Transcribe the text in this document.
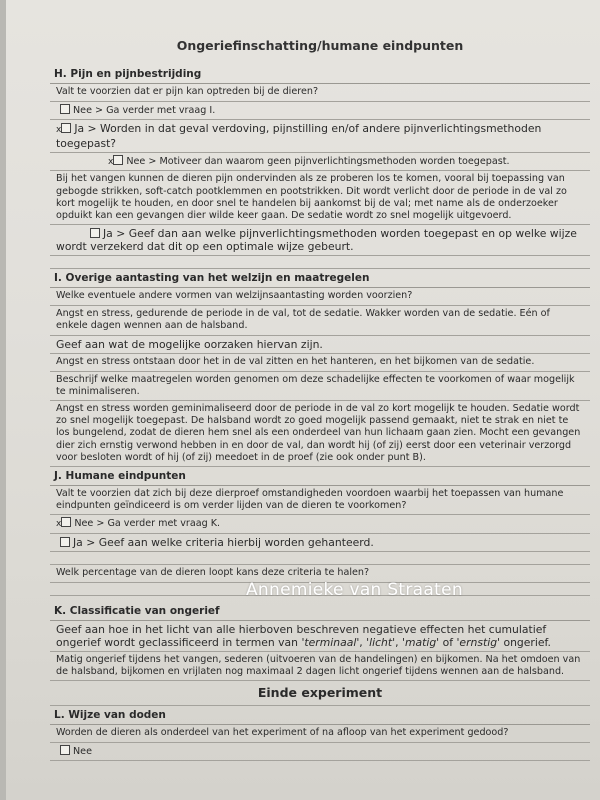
Ongeriefinschatting/humane eindpunten
H. Pijn en pijnbestrijding
Valt te voorzien dat er pijn kan optreden bij de dieren?
Nee > Ga verder met vraag I.
x Ja > Worden in dat geval verdoving, pijnstilling en/of andere pijnverlichtingsmethoden toegepast?
x Nee > Motiveer dan waarom geen pijnverlichtingsmethoden worden toegepast.
Bij het vangen kunnen de dieren pijn ondervinden als ze proberen los te komen, vooral bij toepassing van gebogde strikken, soft-catch pootklemmen en pootstrikken. Dit wordt verlicht door de periode in de val zo kort mogelijk te houden, en door snel te handelen bij aankomst bij de val; met name als de onderzoeker opduikt kan een gevangen dier wilde keer gaan. De sedatie wordt zo snel mogelijk uitgevoerd.
Ja > Geef dan aan welke pijnverlichtingsmethoden worden toegepast en op welke wijze wordt verzekerd dat dit op een optimale wijze gebeurt.
I. Overige aantasting van het welzijn en maatregelen
Welke eventuele andere vormen van welzijnsaantasting worden voorzien?
Angst en stress, gedurende de periode in de val, tot de sedatie. Wakker worden van de sedatie. Eén of enkele dagen wennen aan de halsband.
Geef aan wat de mogelijke oorzaken hiervan zijn.
Angst en stress ontstaan door het in de val zitten en het hanteren, en het bijkomen van de sedatie.
Beschrijf welke maatregelen worden genomen om deze schadelijke effecten te voorkomen of waar mogelijk te minimaliseren.
Angst en stress worden geminimaliseerd door de periode in de val zo kort mogelijk te houden. Sedatie wordt zo snel mogelijk toegepast. De halsband wordt zo goed mogelijk passend gemaakt, niet te strak en niet te los bungelend, zodat de dieren hem snel als een onderdeel van hun lichaam gaan zien. Mocht een gevangen dier zich ernstig verwond hebben in en door de val, dan wordt hij (of zij) eerst door een veterinair verzorgd voor besloten wordt of hij (of zij) meedoet in de proef (zie ook onder punt B).
J. Humane eindpunten
Valt te voorzien dat zich bij deze dierproef omstandigheden voordoen waarbij het toepassen van humane eindpunten geïndiceerd is om verder lijden van de dieren te voorkomen?
x Nee > Ga verder met vraag K.
Ja > Geef aan welke criteria hierbij worden gehanteerd.
Welk percentage van de dieren loopt kans deze criteria te halen?
K. Classificatie van ongerief
Geef aan hoe in het licht van alle hierboven beschreven negatieve effecten het cumulatief ongerief wordt geclassificeerd in termen van 'terminaal', 'licht', 'matig' of 'ernstig' ongerief.
Matig ongerief tijdens het vangen, sederen (uitvoeren van de handelingen) en bijkomen. Na het omdoen van de halsband, bijkomen en vrijlaten nog maximaal 2 dagen licht ongerief tijdens wennen aan de halsband.
Einde experiment
L. Wijze van doden
Worden de dieren als onderdeel van het experiment of na afloop van het experiment gedood?
Nee
Annemieke van Straaten
